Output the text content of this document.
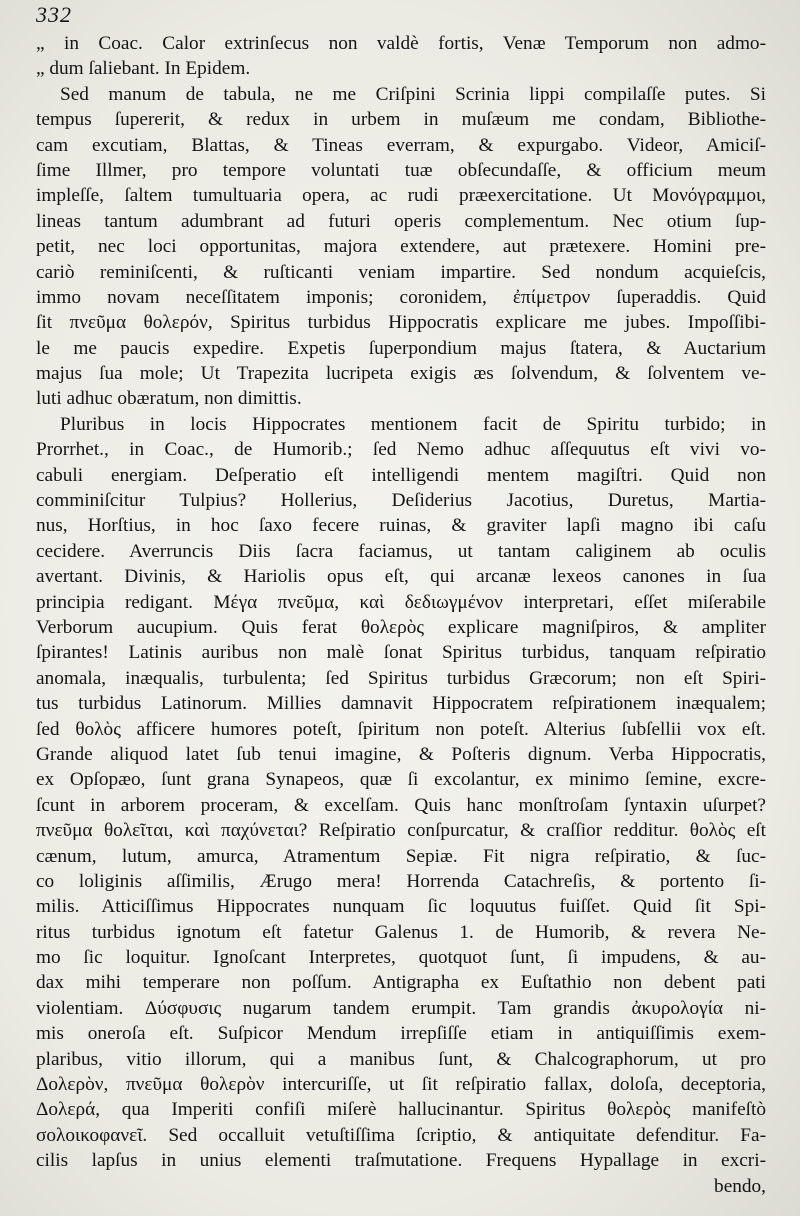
332
„ in Coac. Calor extrinſecus non valdè fortis, Venæ Temporum non admo-
„ dum ſaliebant. In Epidem.
Sed manum de tabula, ne me Criſpini Scrinia lippi compilaſſe putes. Si
tempus ſupererit, & redux in urbem in muſæum me condam, Bibliothe-
cam excutiam, Blattas, & Tineas everram, & expurgabo. Videor, Amiciſ-
ſime Illmer, pro tempore voluntati tuæ obſecundaſſe, & officium meum
impleſſe, ſaltem tumultuaria opera, ac rudi præexercitatione. Ut Μονόγραμμοι,
lineas tantum adumbrant ad futuri operis complementum. Nec otium ſup-
petit, nec loci opportunitas, majora extendere, aut prætexere. Homini pre-
cariò reminiſcenti, & ruſticanti veniam impartire. Sed nondum acquieſcis,
immo novam neceſſitatem imponis; coronidem, ἐπίμετρον ſuperaddis. Quid
ſit πνεῦμα θολερόν, Spiritus turbidus Hippocratis explicare me jubes. Impoſſibi-
le me paucis expedire. Expetis ſuperpondium majus ſtatera, & Auctarium
majus ſua mole; Ut Trapezita lucripeta exigis æs ſolvendum, & ſolventem ve-
luti adhuc obæratum, non dimittis.
Pluribus in locis Hippocrates mentionem facit de Spiritu turbido; in
Prorrhet., in Coac., de Humorib.; ſed Nemo adhuc aſſequutus eſt vivi vo-
cabuli energiam. Deſperatio eſt intelligendi mentem magiſtri. Quid non
comminiſcitur Tulpius? Hollerius, Deſiderius Jacotius, Duretus, Martia-
nus, Horſtius, in hoc ſaxo fecere ruinas, & graviter lapſi magno ibi caſu
cecidere. Averruncis Diis ſacra faciamus, ut tantam caliginem ab oculis
avertant. Divinis, & Hariolis opus eſt, qui arcanæ lexeos canones in ſua
principia redigant. Μέγα πνεῦμα, καὶ δεδιωγμένον interpretari, eſſet miſerabile
Verborum aucupium. Quis ferat θολερὸς explicare magniſpiros, & ampliter
ſpirantes! Latinis auribus non malè ſonat Spiritus turbidus, tanquam reſpiratio
anomala, inæqualis, turbulenta; ſed Spiritus turbidus Græcorum; non eſt Spiri-
tus turbidus Latinorum. Millies damnavit Hippocratem reſpirationem inæqualem;
ſed θολὸς afficere humores poteſt, ſpiritum non poteſt. Alterius ſubſellii vox eſt.
Grande aliquod latet ſub tenui imagine, & Poſteris dignum. Verba Hippocratis,
ex Opſopæo, ſunt grana Synapeos, quæ ſi excolantur, ex minimo ſemine, excre-
ſcunt in arborem proceram, & excelſam. Quis hanc monſtroſam ſyntaxin uſurpet?
πνεῦμα θολεῖται, καὶ παχύνεται? Reſpiratio conſpurcatur, & craſſior redditur. θολὸς eſt
cænum, lutum, amurca, Atramentum Sepiæ. Fit nigra reſpiratio, & ſuc-
co loliginis aſſimilis, Ærugo mera! Horrenda Catachreſis, & portento ſi-
milis. Atticiſſimus Hippocrates nunquam ſic loquutus fuiſſet. Quid ſit Spi-
ritus turbidus ignotum eſt fatetur Galenus 1. de Humorib, & revera Ne-
mo ſic loquitur. Ignoſcant Interpretes, quotquot ſunt, ſi impudens, & au-
dax mihi temperare non poſſum. Antigrapha ex Euſtathio non debent pati
violentiam. Δύσφυσις nugarum tandem erumpit. Tam grandis ἀκυρολογία ni-
mis oneroſa eſt. Suſpicor Mendum irrepſiſſe etiam in antiquiſſimis exem-
plaribus, vitio illorum, qui a manibus ſunt, & Chalcographorum, ut pro
Δολερὸν, πνεῦμα θολερὸν intercuriſſe, ut ſit reſpiratio fallax, doloſa, deceptoria,
Δολερά, qua Imperiti confiſi miſerè hallucinantur. Spiritus θολερὸς manifeſtò
σολοικοφανεῖ. Sed occalluit vetuſtiſſima ſcriptio, & antiquitate defenditur. Fa-
cilis lapſus in unius elementi traſmutatione. Frequens Hypallage in excri-
bendo,
